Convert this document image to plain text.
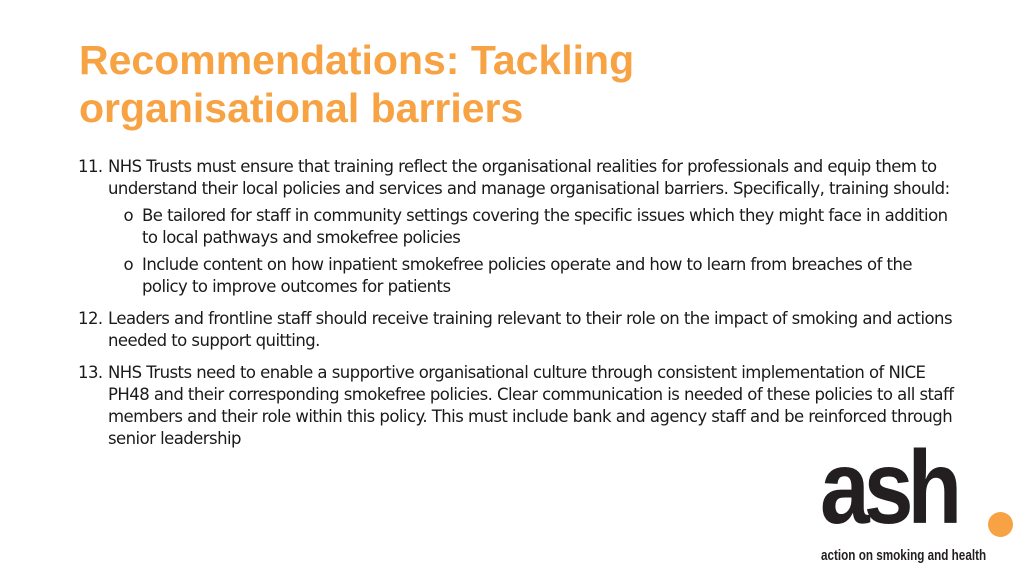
Recommendations: Tackling organisational barriers
11. NHS Trusts must ensure that training reflect the organisational realities for professionals and equip them to understand their local policies and services and manage organisational barriers. Specifically, training should:
o Be tailored for staff in community settings covering the specific issues which they might face in addition to local pathways and smokefree policies
o Include content on how inpatient smokefree policies operate and how to learn from breaches of the policy to improve outcomes for patients
12. Leaders and frontline staff should receive training relevant to their role on the impact of smoking and actions needed to support quitting.
13. NHS Trusts need to enable a supportive organisational culture through consistent implementation of NICE PH48 and their corresponding smokefree policies. Clear communication is needed of these policies to all staff members and their role within this policy. This must include bank and agency staff and be reinforced through senior leadership	ash
action on smoking and health
